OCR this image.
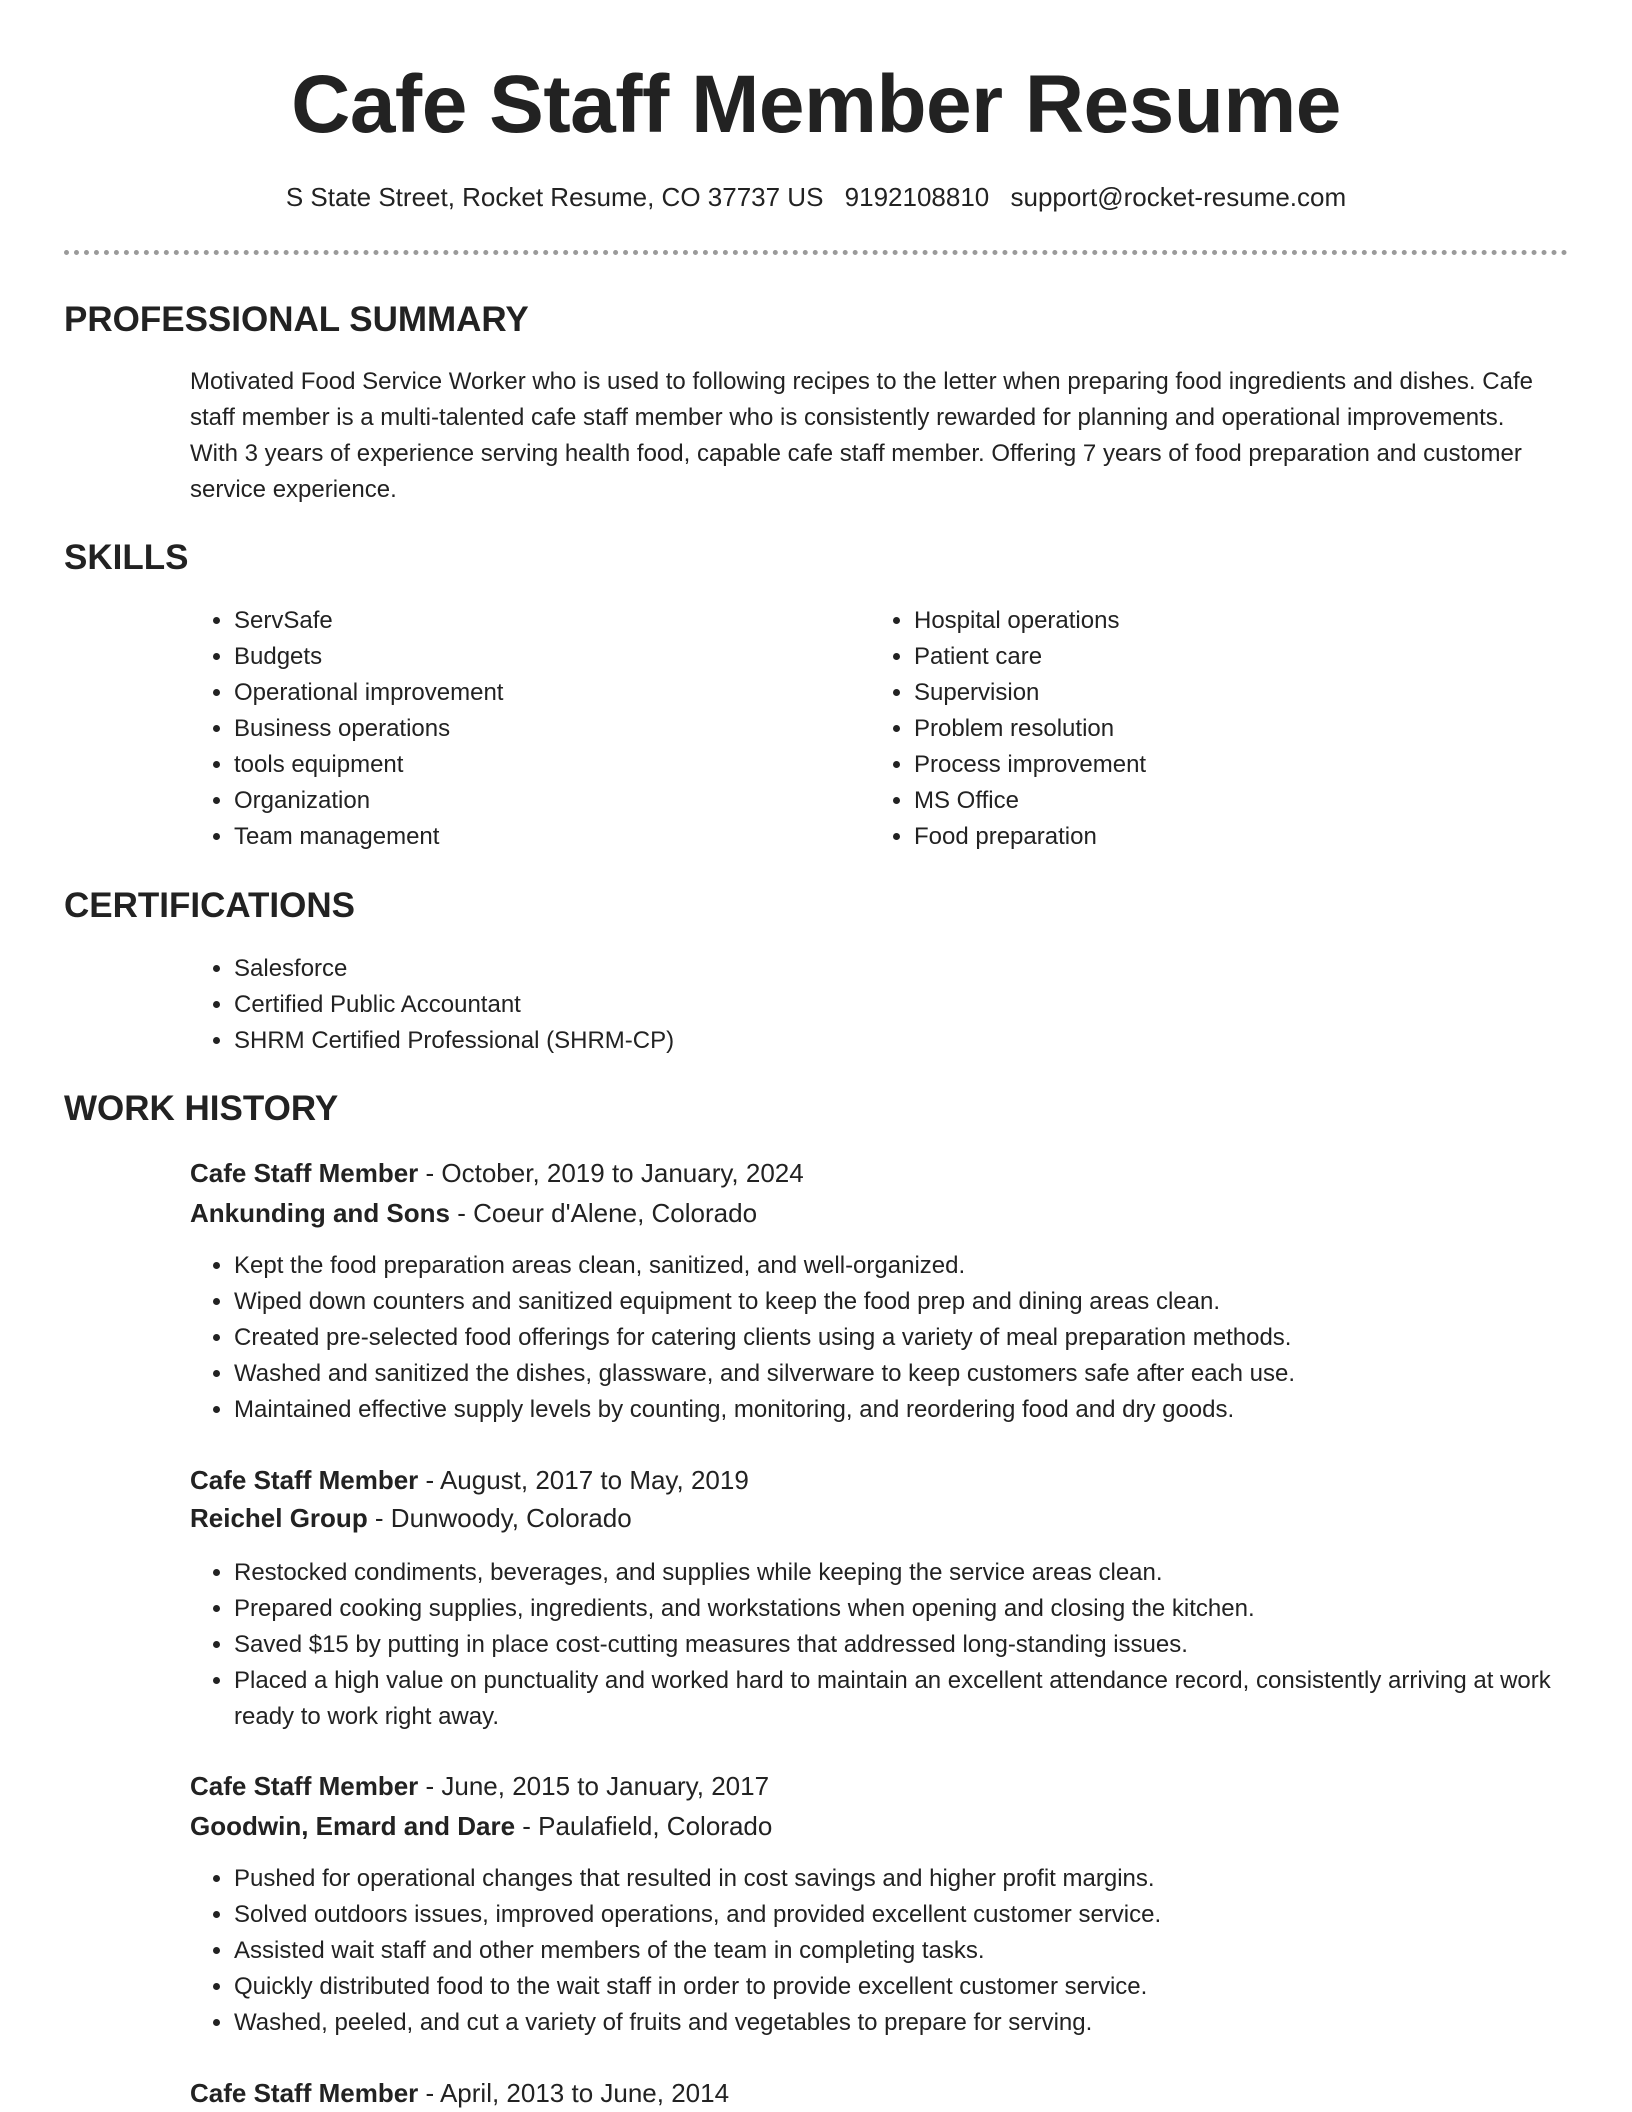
Cafe Staff Member Resume
S State Street, Rocket Resume, CO 37737 US 9192108810 support@rocket-resume.com
PROFESSIONAL SUMMARY

Motivated Food Service Worker who is used to following recipes to the letter when preparing food ingredients and dishes. Cafe staff member is a multi-talented cafe staff member who is consistently rewarded for planning and operational improvements. With 3 years of experience serving health food, capable cafe staff member. Offering 7 years of food preparation and customer service experience.

SKILLS
• ServSafe
• Budgets
• Operational improvement
• Business operations
• tools equipment
• Organization
• Team management
• Hospital operations
• Patient care
• Supervision
• Problem resolution
• Process improvement
• MS Office
• Food preparation
CERTIFICATIONS
• Salesforce
• Certified Public Accountant
• SHRM Certified Professional (SHRM-CP)
WORK HISTORY
Cafe Staff Member - October, 2019 to January, 2024
Ankunding and Sons - Coeur d'Alene, Colorado
• Kept the food preparation areas clean, sanitized, and well-organized.
• Wiped down counters and sanitized equipment to keep the food prep and dining areas clean.
• Created pre-selected food offerings for catering clients using a variety of meal preparation methods.
• Washed and sanitized the dishes, glassware, and silverware to keep customers safe after each use.
• Maintained effective supply levels by counting, monitoring, and reordering food and dry goods.
Cafe Staff Member - August, 2017 to May, 2019
Reichel Group - Dunwoody, Colorado
• Restocked condiments, beverages, and supplies while keeping the service areas clean.
• Prepared cooking supplies, ingredients, and workstations when opening and closing the kitchen.
• Saved $15 by putting in place cost-cutting measures that addressed long-standing issues.
• Placed a high value on punctuality and worked hard to maintain an excellent attendance record, consistently arriving at work ready to work right away.
Cafe Staff Member - June, 2015 to January, 2017
Goodwin, Emard and Dare - Paulafield, Colorado
• Pushed for operational changes that resulted in cost savings and higher profit margins.
• Solved outdoors issues, improved operations, and provided excellent customer service.
• Assisted wait staff and other members of the team in completing tasks.
• Quickly distributed food to the wait staff in order to provide excellent customer service.
• Washed, peeled, and cut a variety of fruits and vegetables to prepare for serving.
Cafe Staff Member - April, 2013 to June, 2014
